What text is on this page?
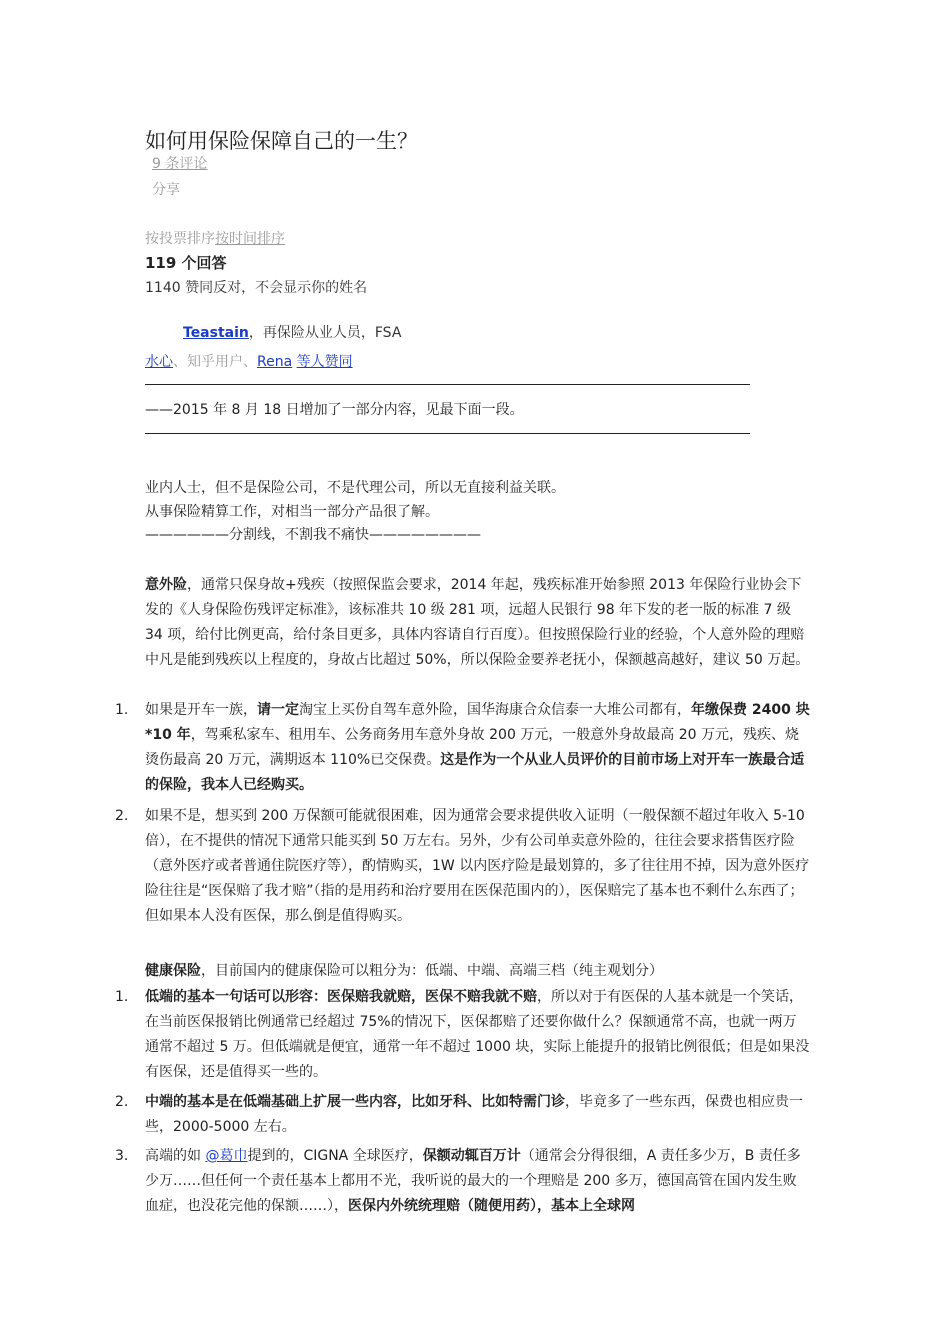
如何用保险保障自己的一生？
9 条评论
分享
按投票排序按时间排序
119 个回答
1140 赞同反对，不会显示你的姓名
Teastain，再保险从业人员，FSA
水心、知乎用户、Rena 等人赞同
——2015 年 8 月 18 日增加了一部分内容，见最下面一段。
业内人士，但不是保险公司，不是代理公司，所以无直接利益关联。
从事保险精算工作，对相当一部分产品很了解。
——————分割线，不割我不痛快————————
意外险，通常只保身故+残疾（按照保监会要求，2014 年起，残疾标准开始参照 2013 年保险行业协会下发的《人身保险伤残评定标准》，该标准共 10 级 281 项，远超人民银行 98 年下发的老一版的标准 7 级 34 项，给付比例更高，给付条目更多，具体内容请自行百度）。但按照保险行业的经验，个人意外险的理赔中凡是能到残疾以上程度的，身故占比超过 50%，所以保险金要养老抚小，保额越高越好，建议 50 万起。
1.	如果是开车一族，请一定淘宝上买份自驾车意外险，国华海康合众信泰一大堆公司都有，年缴保费 2400 块*10 年，驾乘私家车、租用车、公务商务用车意外身故 200 万元，一般意外身故最高 20 万元，残疾、烧烫伤最高 20 万元，满期返本 110%已交保费。这是作为一个从业人员评价的目前市场上对开车一族最合适的保险，我本人已经购买。
2.	如果不是，想买到 200 万保额可能就很困难，因为通常会要求提供收入证明（一般保额不超过年收入 5-10 倍），在不提供的情况下通常只能买到 50 万左右。另外，少有公司单卖意外险的，往往会要求搭售医疗险（意外医疗或者普通住院医疗等），酌情购买，1W 以内医疗险是最划算的，多了往往用不掉，因为意外医疗险往往是“医保赔了我才赔”（指的是用药和治疗要用在医保范围内的），医保赔完了基本也不剩什么东西了；但如果本人没有医保，那么倒是值得购买。
健康保险，目前国内的健康保险可以粗分为：低端、中端、高端三档（纯主观划分）
1.	低端的基本一句话可以形容：医保赔我就赔，医保不赔我就不赔，所以对于有医保的人基本就是一个笑话，在当前医保报销比例通常已经超过 75%的情况下，医保都赔了还要你做什么？保额通常不高，也就一两万通常不超过 5 万。但低端就是便宜，通常一年不超过 1000 块，实际上能提升的报销比例很低；但是如果没有医保，还是值得买一些的。
2.	中端的基本是在低端基础上扩展一些内容，比如牙科、比如特需门诊，毕竟多了一些东西，保费也相应贵一些，2000-5000 左右。
3.	高端的如 @葛巾提到的，CIGNA 全球医疗，保额动辄百万计（通常会分得很细，A 责任多少万，B 责任多少万……但任何一个责任基本上都用不光，我听说的最大的一个理赔是 200 多万，德国高管在国内发生败血症，也没花完他的保额……），医保内外统统理赔（随便用药），基本上全球网
